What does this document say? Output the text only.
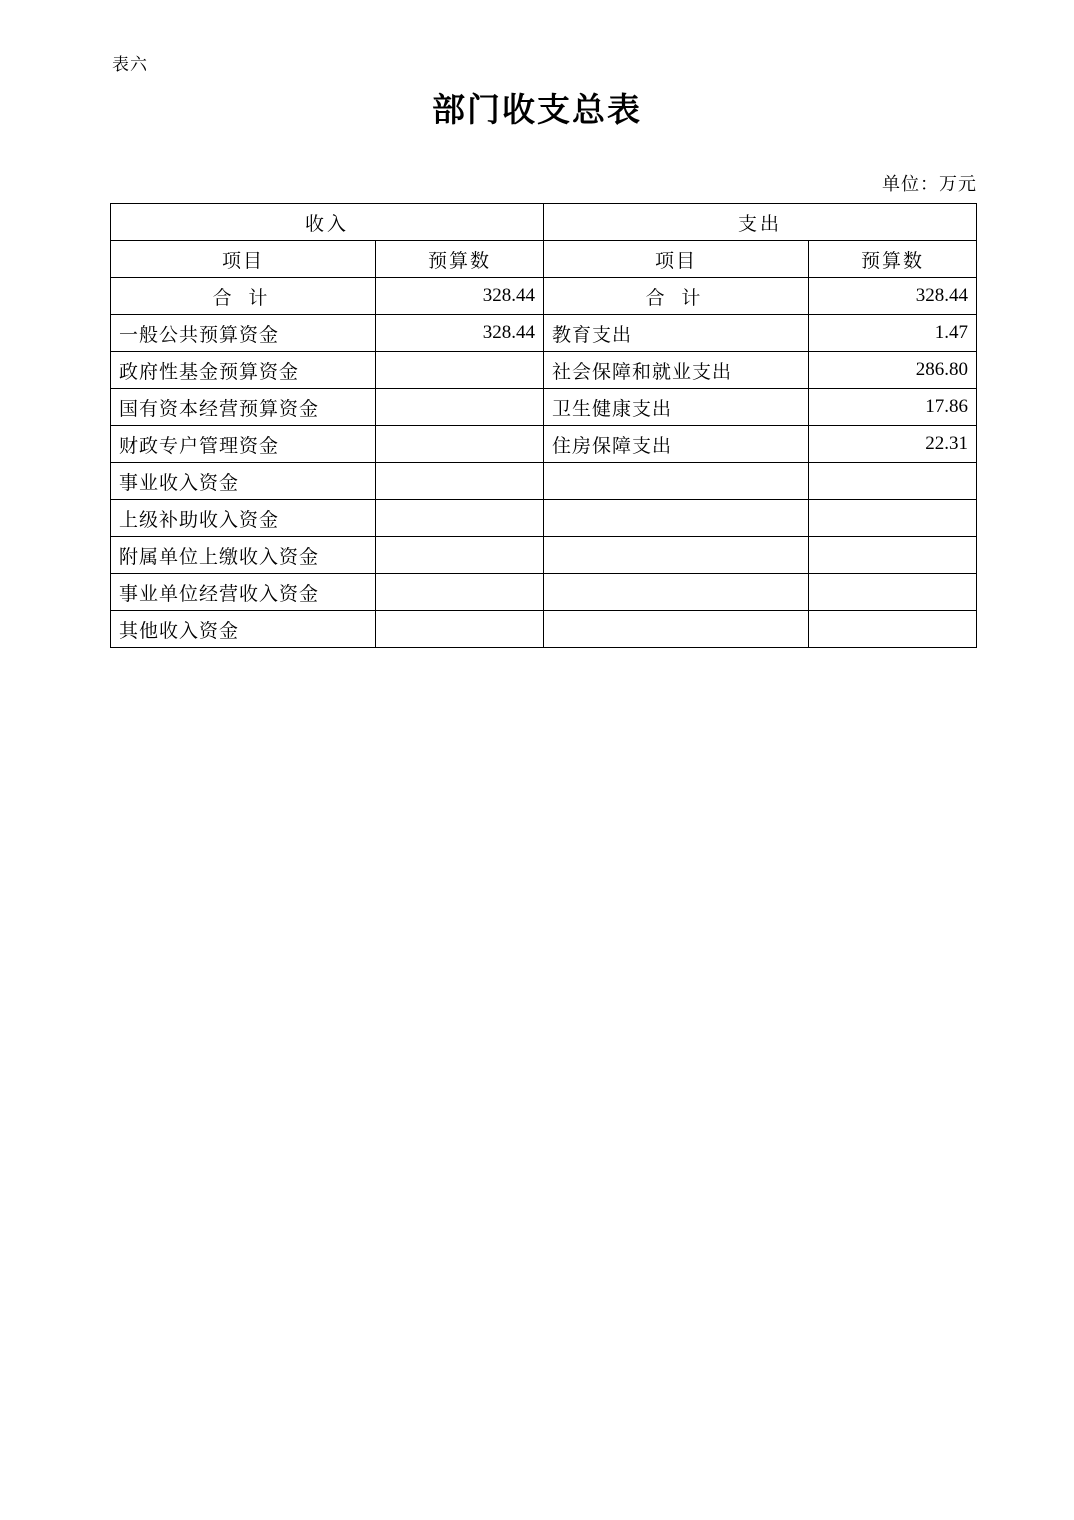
表六
部门收支总表
单位：万元
收入		支出	
项目	预算数	项目	预算数
合 计	328.44	合 计	328.44
一般公共预算资金	328.44	教育支出	1.47
政府性基金预算资金		社会保障和就业支出	286.80
国有资本经营预算资金		卫生健康支出	17.86
财政专户管理资金		住房保障支出	22.31
事业收入资金			
上级补助收入资金			
附属单位上缴收入资金			
事业单位经营收入资金			
其他收入资金			
